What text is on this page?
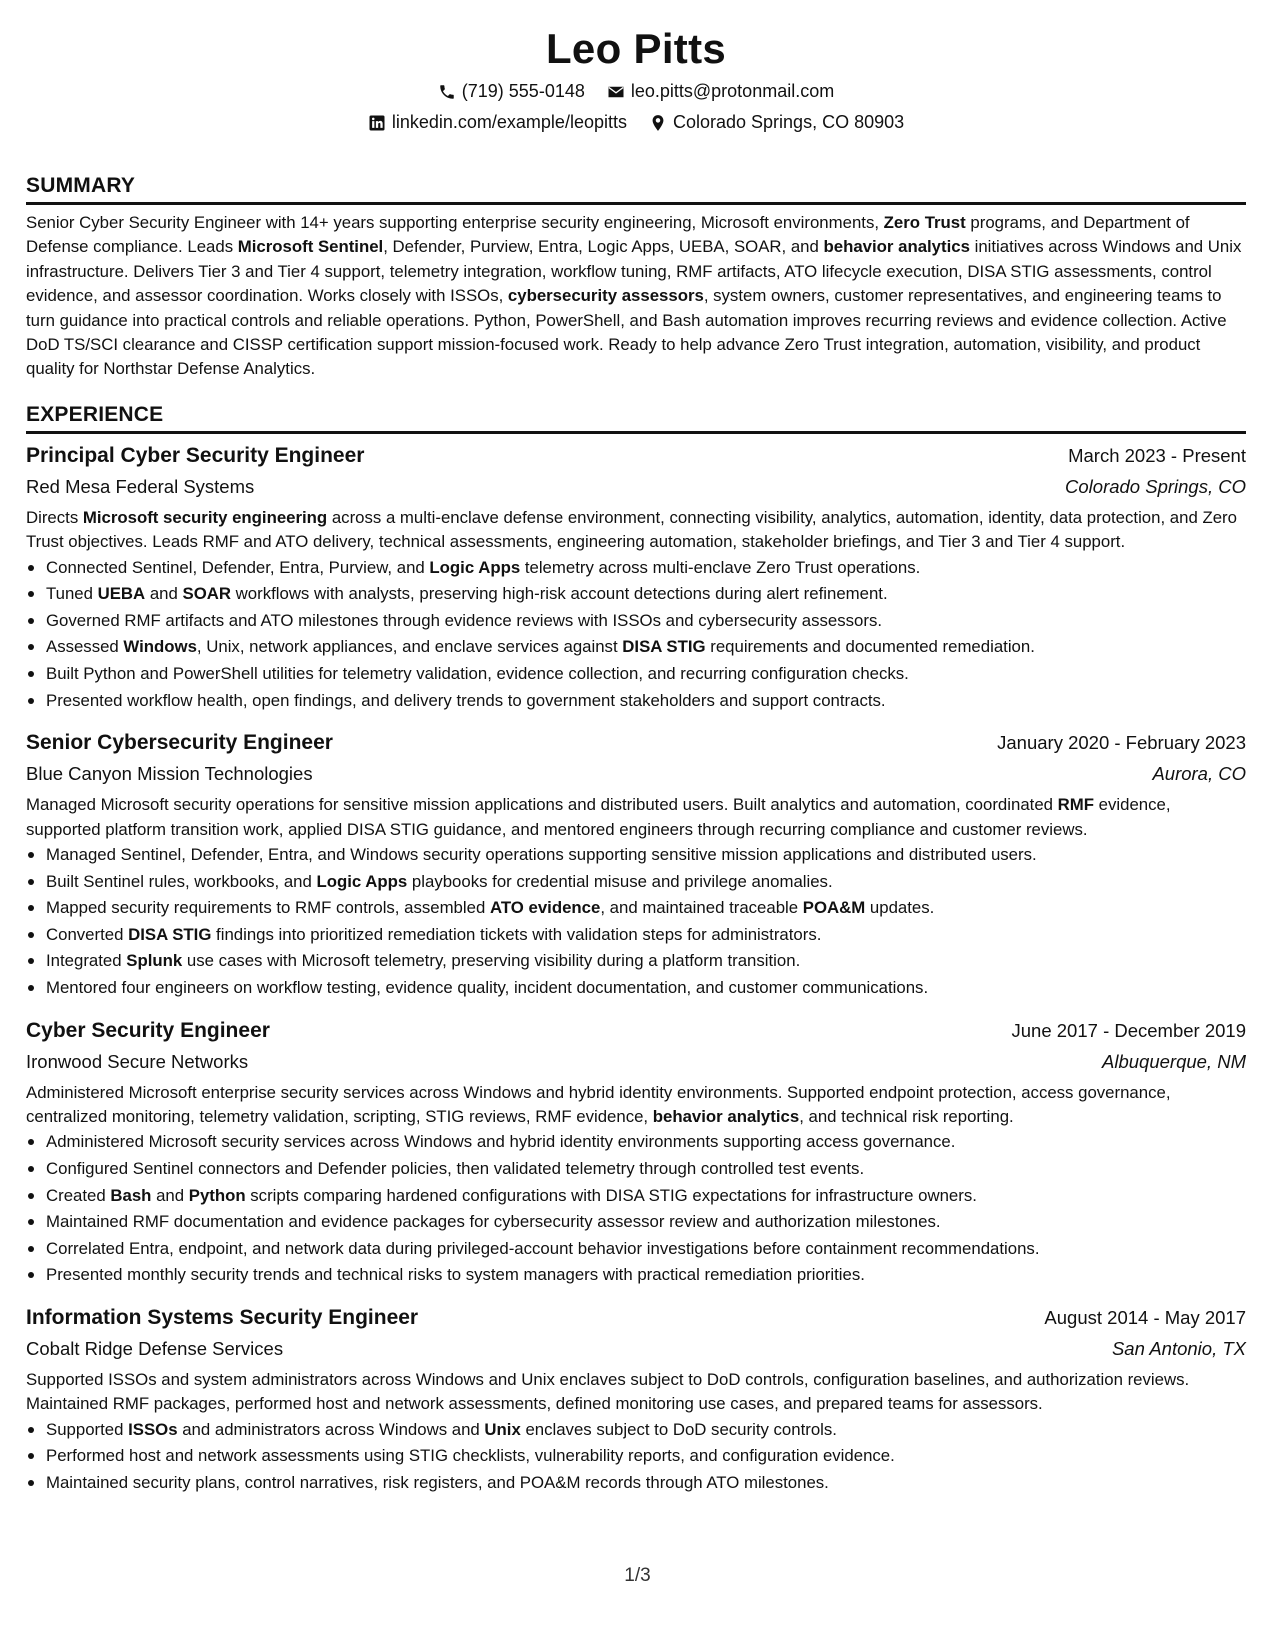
Leo Pitts
(719) 555-0148	leo.pitts@protonmail.com
linkedin.com/example/leopitts	Colorado Springs, CO 80903
SUMMARY

Senior Cyber Security Engineer with 14+ years supporting enterprise security engineering, Microsoft environments, Zero Trust programs, and Department of Defense compliance. Leads Microsoft Sentinel, Defender, Purview, Entra, Logic Apps, UEBA, SOAR, and behavior analytics initiatives across Windows and Unix infrastructure. Delivers Tier 3 and Tier 4 support, telemetry integration, workflow tuning, RMF artifacts, ATO lifecycle execution, DISA STIG assessments, control evidence, and assessor coordination. Works closely with ISSOs, cybersecurity assessors, system owners, customer representatives, and engineering teams to turn guidance into practical controls and reliable operations. Python, PowerShell, and Bash automation improves recurring reviews and evidence collection. Active DoD TS/SCI clearance and CISSP certification support mission-focused work. Ready to help advance Zero Trust integration, automation, visibility, and product quality for Northstar Defense Analytics.

EXPERIENCE
Principal Cyber Security Engineer	March 2023 - Present
Red Mesa Federal Systems	Colorado Springs, CO

Directs Microsoft security engineering across a multi-enclave defense environment, connecting visibility, analytics, automation, identity, data protection, and Zero Trust objectives. Leads RMF and ATO delivery, technical assessments, engineering automation, stakeholder briefings, and Tier 3 and Tier 4 support.

Connected Sentinel, Defender, Entra, Purview, and Logic Apps telemetry across multi-enclave Zero Trust operations.
Tuned UEBA and SOAR workflows with analysts, preserving high-risk account detections during alert refinement.
Governed RMF artifacts and ATO milestones through evidence reviews with ISSOs and cybersecurity assessors.
Assessed Windows, Unix, network appliances, and enclave services against DISA STIG requirements and documented remediation.
Built Python and PowerShell utilities for telemetry validation, evidence collection, and recurring configuration checks.
Presented workflow health, open findings, and delivery trends to government stakeholders and support contracts.
Senior Cybersecurity Engineer	January 2020 - February 2023
Blue Canyon Mission Technologies	Aurora, CO

Managed Microsoft security operations for sensitive mission applications and distributed users. Built analytics and automation, coordinated RMF evidence, supported platform transition work, applied DISA STIG guidance, and mentored engineers through recurring compliance and customer reviews.

Managed Sentinel, Defender, Entra, and Windows security operations supporting sensitive mission applications and distributed users.
Built Sentinel rules, workbooks, and Logic Apps playbooks for credential misuse and privilege anomalies.
Mapped security requirements to RMF controls, assembled ATO evidence, and maintained traceable POA&M updates.
Converted DISA STIG findings into prioritized remediation tickets with validation steps for administrators.
Integrated Splunk use cases with Microsoft telemetry, preserving visibility during a platform transition.
Mentored four engineers on workflow testing, evidence quality, incident documentation, and customer communications.
Cyber Security Engineer	June 2017 - December 2019
Ironwood Secure Networks	Albuquerque, NM

Administered Microsoft enterprise security services across Windows and hybrid identity environments. Supported endpoint protection, access governance, centralized monitoring, telemetry validation, scripting, STIG reviews, RMF evidence, behavior analytics, and technical risk reporting.

Administered Microsoft security services across Windows and hybrid identity environments supporting access governance.
Configured Sentinel connectors and Defender policies, then validated telemetry through controlled test events.
Created Bash and Python scripts comparing hardened configurations with DISA STIG expectations for infrastructure owners.
Maintained RMF documentation and evidence packages for cybersecurity assessor review and authorization milestones.
Correlated Entra, endpoint, and network data during privileged-account behavior investigations before containment recommendations.
Presented monthly security trends and technical risks to system managers with practical remediation priorities.
Information Systems Security Engineer	August 2014 - May 2017
Cobalt Ridge Defense Services	San Antonio, TX

Supported ISSOs and system administrators across Windows and Unix enclaves subject to DoD controls, configuration baselines, and authorization reviews. Maintained RMF packages, performed host and network assessments, defined monitoring use cases, and prepared teams for assessors.

Supported ISSOs and administrators across Windows and Unix enclaves subject to DoD security controls.
Performed host and network assessments using STIG checklists, vulnerability reports, and configuration evidence.
Maintained security plans, control narratives, risk registers, and POA&M records through ATO milestones.
1/3
